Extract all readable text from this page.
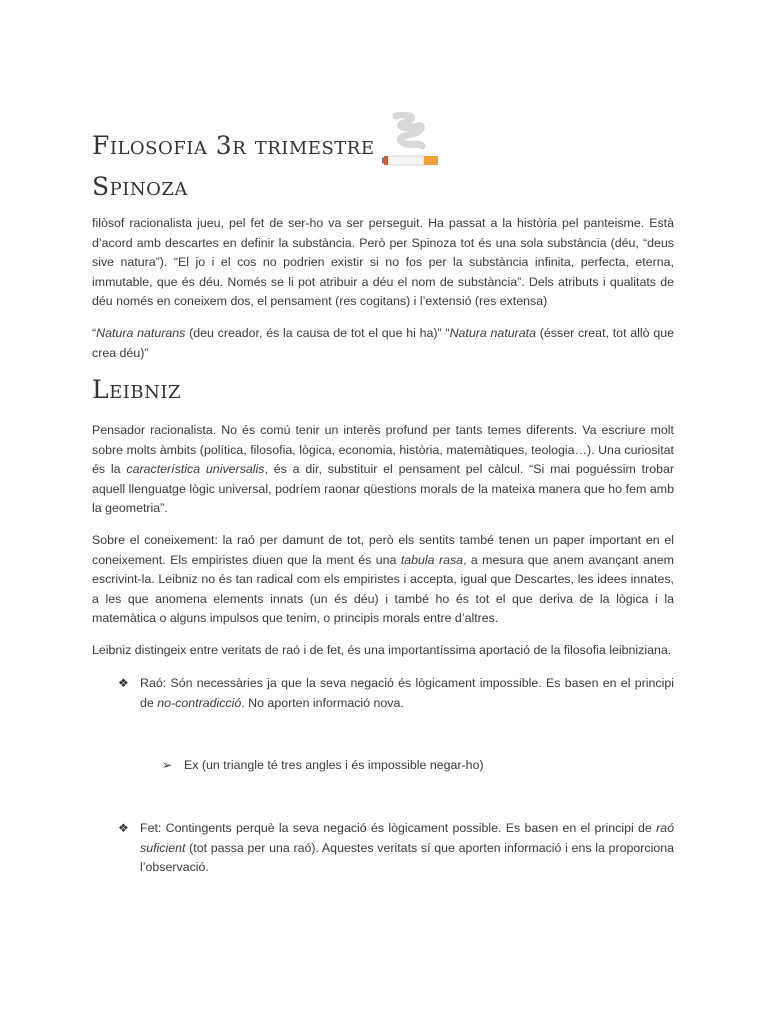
Filosofia 3r trimestre
Spinoza

filòsof racionalista jueu, pel fet de ser-ho va ser perseguit. Ha passat a la història pel panteisme. Està d’acord amb descartes en definir la substància. Però per Spinoza tot és una sola substància (déu, “deus sive natura”). “El jo i el cos no podrien existir si no fos per la substància infinita, perfecta, eterna, immutable, que és déu. Només se li pot atribuir a déu el nom de substància”. Dels atributs i qualitats de déu només en coneixem dos, el pensament (res cogitans) i l’extensió (res extensa)

“Natura naturans (deu creador, és la causa de tot el que hi ha)” “Natura naturata (ésser creat, tot allò que crea déu)”

Leibniz

Pensador racionalista. No és comú tenir un interès profund per tants temes diferents. Va escriure molt sobre molts àmbits (política, filosofia, lògica, economia, història, matemàtiques, teologia…). Una curiositat és la característica universalis, és a dir, substituir el pensament pel càlcul. “Si mai poguéssim trobar aquell llenguatge lògic universal, podríem raonar qüestions morals de la mateixa manera que ho fem amb la geometria”.

Sobre el coneixement: la raó per damunt de tot, però els sentits també tenen un paper important en el coneixement. Els empiristes diuen que la ment és una tabula rasa, a mesura que anem avançant anem escrivint-la. Leibniz no és tan radical com els empiristes i accepta, igual que Descartes, les idees innates, a les que anomena elements innats (un és déu) i també ho és tot el que deriva de la lògica i la matemàtica o alguns impulsos que tenim, o principis morals entre d’altres.

Leibniz distingeix entre veritats de raó i de fet, és una importantíssima aportació de la filosofia leibniziana.

❖ Raó: Són necessàries ja que la seva negació és lògicament impossible. Es basen en el principi de no-contradicció. No aporten informació nova.

➢ Ex (un triangle té tres angles i és impossible negar-ho)

❖ Fet: Contingents perquè la seva negació és lògicament possible. Es basen en el principi de raó suficient (tot passa per una raó). Aquestes veritats sí que aporten informació i ens la proporciona l’observació.
